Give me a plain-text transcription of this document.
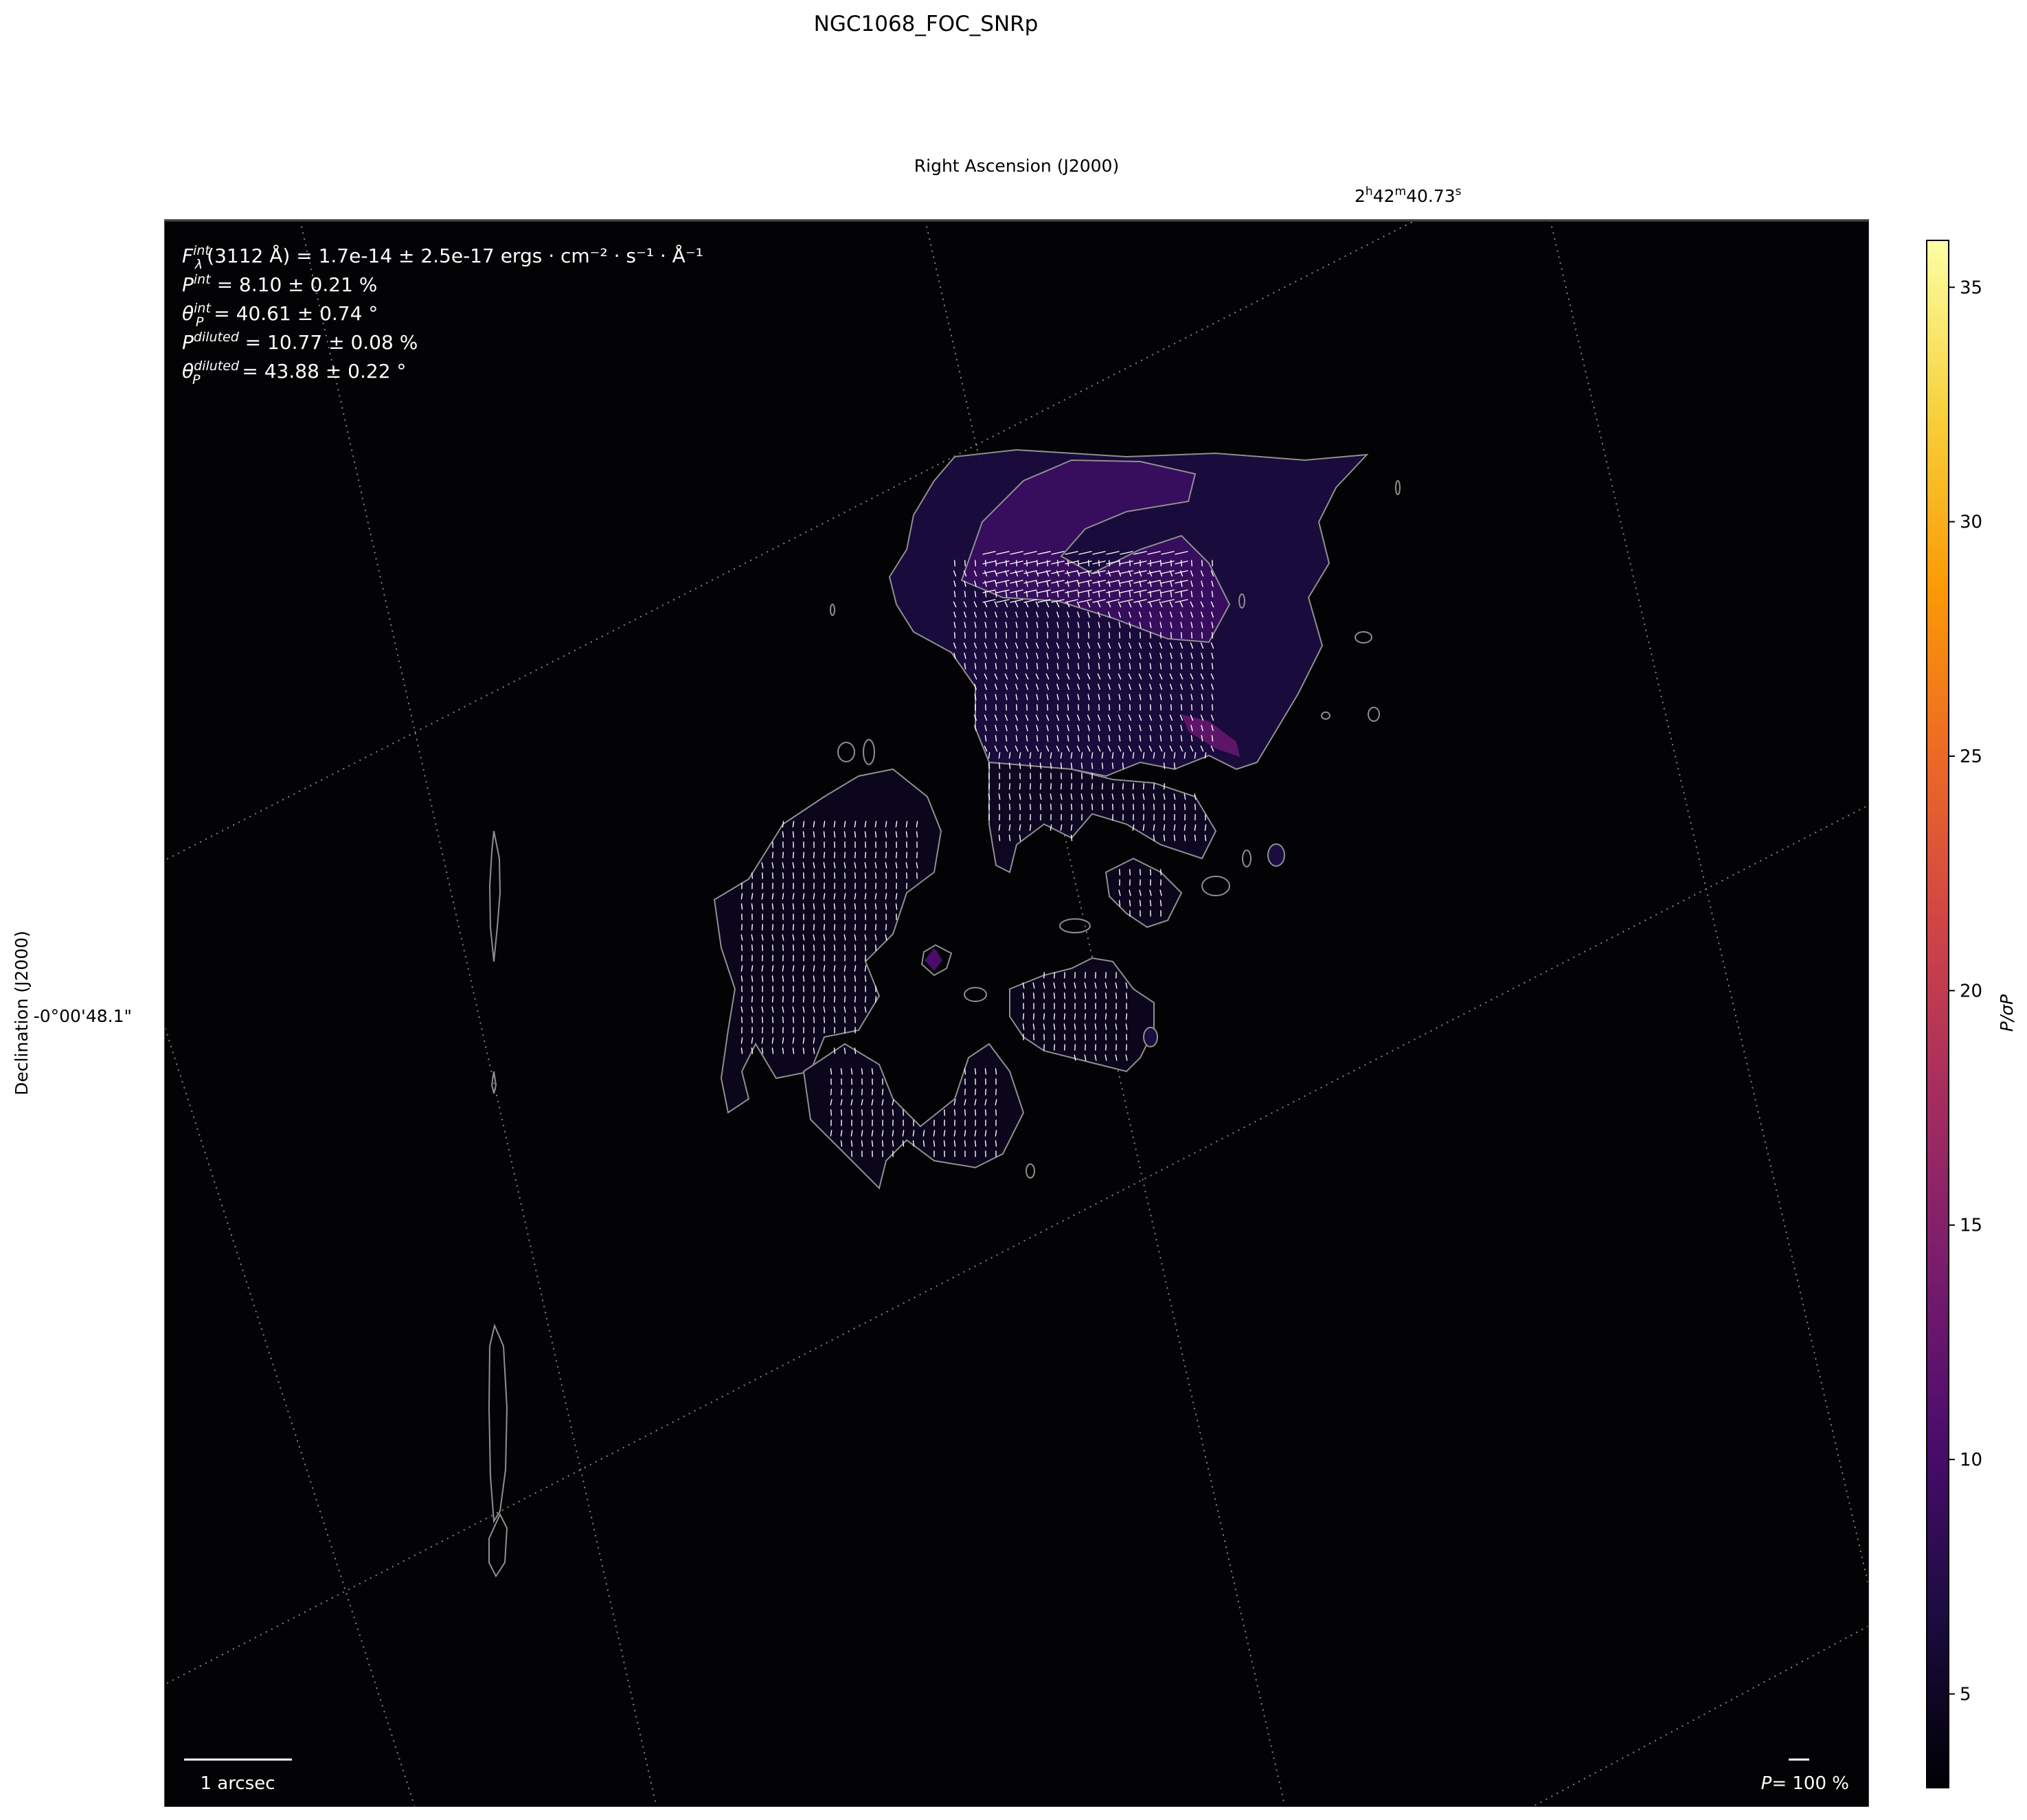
NGC1068_FOC_SNRp
Right Ascension (J2000)
2$^h$42$^m$40.73$^s$
Declination (J2000) -0°00'48.1"
$F^{int}$ λ (3112 Å) = 1.7e-14 ± 2.5e-17 ergs · cm⁻² · s⁻¹ · Å⁻¹
$P^{int} = 8.10 \pm 0.21$ %
$\theta^{int}$ P = 40.61 ± 0.74 °
$P^{diluted} = 10.77 \pm 0.08$ %
$\theta^{diluted}$ P = 43.88 ± 0.22 °
1 arcsec	P= 100 %
5
10
15
20
25
30
35
P/σP
